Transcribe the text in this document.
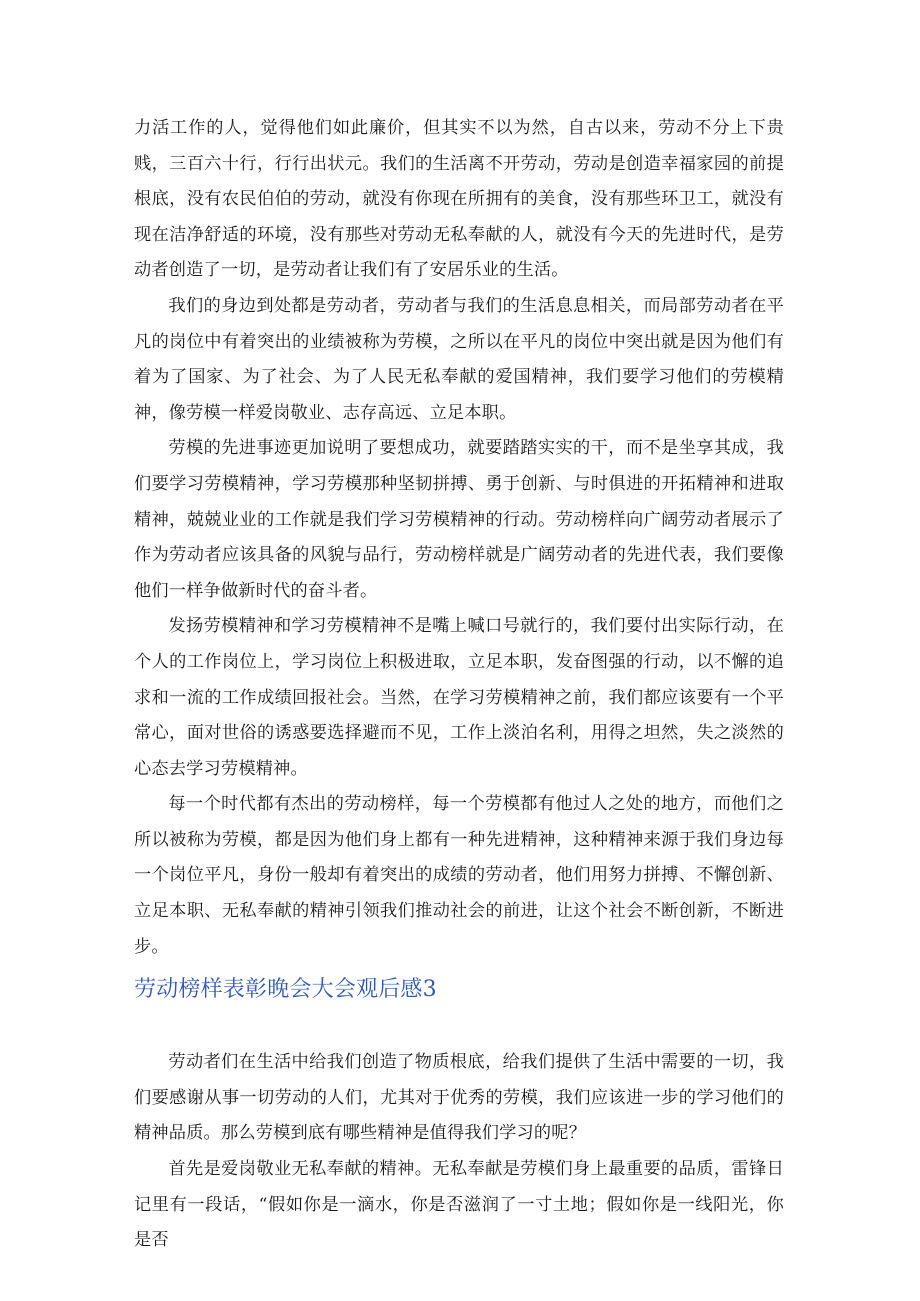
力活工作的人，觉得他们如此廉价，但其实不以为然，自古以来，劳动不分上下贵贱，三百六十行，行行出状元。我们的生活离不开劳动，劳动是创造幸福家园的前提根底，没有农民伯伯的劳动，就没有你现在所拥有的美食，没有那些环卫工，就没有现在洁净舒适的环境，没有那些对劳动无私奉献的人，就没有今天的先进时代，是劳动者创造了一切，是劳动者让我们有了安居乐业的生活。

我们的身边到处都是劳动者，劳动者与我们的生活息息相关，而局部劳动者在平凡的岗位中有着突出的业绩被称为劳模，之所以在平凡的岗位中突出就是因为他们有着为了国家、为了社会、为了人民无私奉献的爱国精神，我们要学习他们的劳模精神，像劳模一样爱岗敬业、志存高远、立足本职。

劳模的先进事迹更加说明了要想成功，就要踏踏实实的干，而不是坐享其成，我们要学习劳模精神，学习劳模那种坚韧拼搏、勇于创新、与时俱进的开拓精神和进取精神，兢兢业业的工作就是我们学习劳模精神的行动。劳动榜样向广阔劳动者展示了作为劳动者应该具备的风貌与品行，劳动榜样就是广阔劳动者的先进代表，我们要像他们一样争做新时代的奋斗者。

发扬劳模精神和学习劳模精神不是嘴上喊口号就行的，我们要付出实际行动，在个人的工作岗位上，学习岗位上积极进取，立足本职，发奋图强的行动，以不懈的追求和一流的工作成绩回报社会。当然，在学习劳模精神之前，我们都应该要有一个平常心，面对世俗的诱惑要选择避而不见，工作上淡泊名利，用得之坦然，失之淡然的心态去学习劳模精神。

每一个时代都有杰出的劳动榜样，每一个劳模都有他过人之处的地方，而他们之所以被称为劳模，都是因为他们身上都有一种先进精神，这种精神来源于我们身边每一个岗位平凡，身份一般却有着突出的成绩的劳动者，他们用努力拼搏、不懈创新、立足本职、无私奉献的精神引领我们推动社会的前进，让这个社会不断创新，不断进步。

劳动榜样表彰晚会大会观后感3

劳动者们在生活中给我们创造了物质根底，给我们提供了生活中需要的一切，我们要感谢从事一切劳动的人们，尤其对于优秀的劳模，我们应该进一步的学习他们的精神品质。那么劳模到底有哪些精神是值得我们学习的呢？

首先是爱岗敬业无私奉献的精神。无私奉献是劳模们身上最重要的品质，雷锋日记里有一段话，“假如你是一滴水，你是否滋润了一寸土地；假如你是一线阳光，你是否
